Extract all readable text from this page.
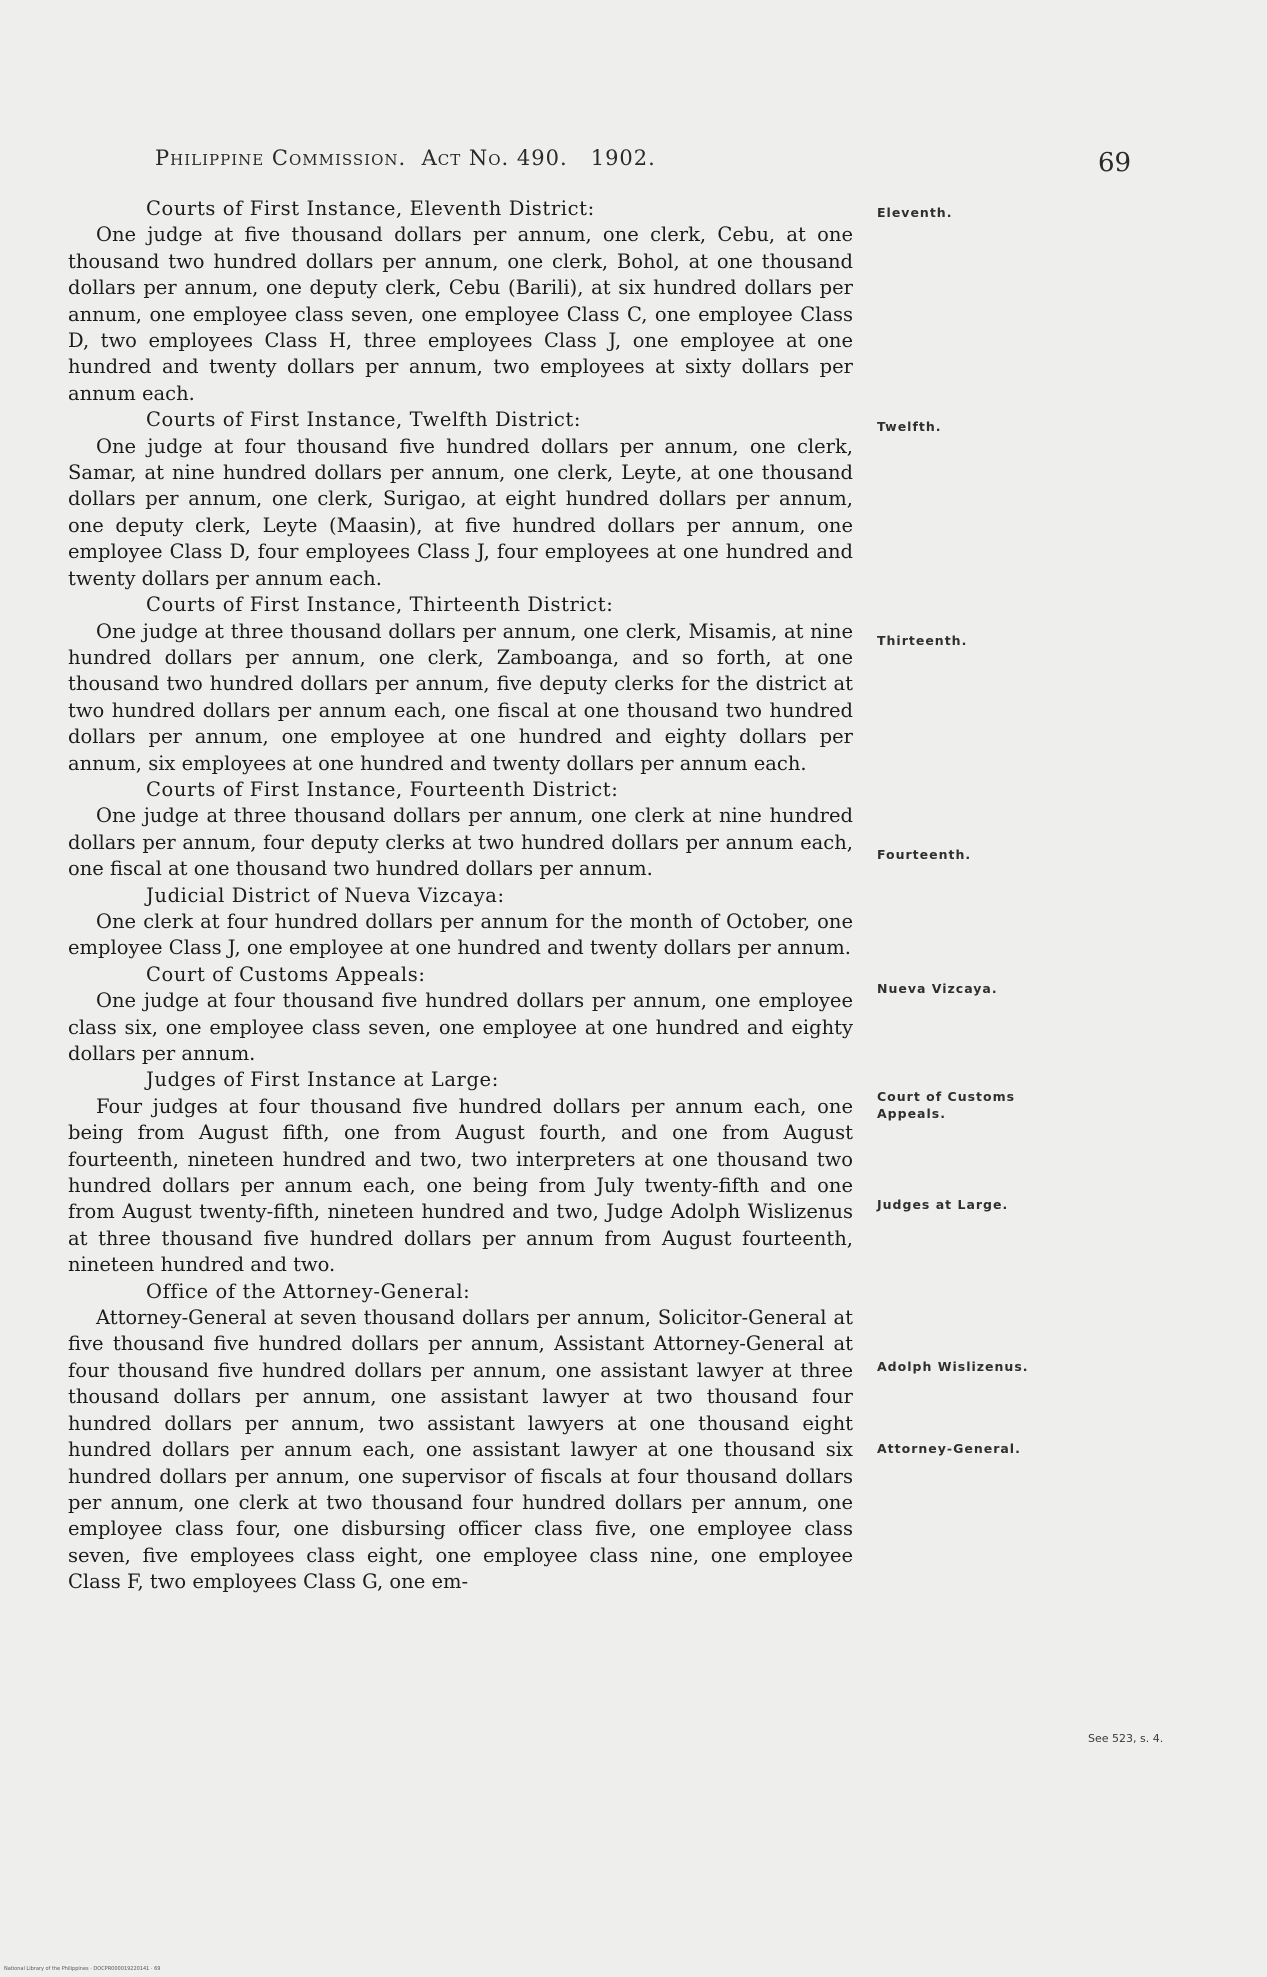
Philippine Commission. Act No. 490. 1902.	69

Courts of First Instance, Eleventh District:

One judge at five thousand dollars per annum, one clerk, Cebu, at one thousand two hundred dollars per annum, one clerk, Bohol, at one thousand dollars per annum, one deputy clerk, Cebu (Barili), at six hundred dollars per annum, one employee class seven, one employee Class C, one employee Class D, two employees Class H, three employees Class J, one employee at one hundred and twenty dollars per annum, two employees at sixty dollars per annum each.

Courts of First Instance, Twelfth District:

One judge at four thousand five hundred dollars per annum, one clerk, Samar, at nine hundred dollars per annum, one clerk, Leyte, at one thousand dollars per annum, one clerk, Surigao, at eight hundred dollars per annum, one deputy clerk, Leyte (Maasin), at five hundred dollars per annum, one employee Class D, four employees Class J, four employees at one hundred and twenty dollars per annum each.

Courts of First Instance, Thirteenth District:

One judge at three thousand dollars per annum, one clerk, Misamis, at nine hundred dollars per annum, one clerk, Zamboanga, and so forth, at one thousand two hundred dollars per annum, five deputy clerks for the district at two hundred dollars per annum each, one fiscal at one thousand two hundred dollars per annum, one employee at one hundred and eighty dollars per annum, six employees at one hundred and twenty dollars per annum each.

Courts of First Instance, Fourteenth District:

One judge at three thousand dollars per annum, one clerk at nine hundred dollars per annum, four deputy clerks at two hundred dollars per annum each, one fiscal at one thousand two hundred dollars per annum.

Judicial District of Nueva Vizcaya:

One clerk at four hundred dollars per annum for the month of October, one employee Class J, one employee at one hundred and twenty dollars per annum.

Court of Customs Appeals:

One judge at four thousand five hundred dollars per annum, one employee class six, one employee class seven, one employee at one hundred and eighty dollars per annum.

Judges of First Instance at Large:

Four judges at four thousand five hundred dollars per annum each, one being from August fifth, one from August fourth, and one from August fourteenth, nineteen hundred and two, two interpreters at one thousand two hundred dollars per annum each, one being from July twenty-fifth and one from August twenty-fifth, nineteen hundred and two, Judge Adolph Wislizenus at three thousand five hundred dollars per annum from August fourteenth, nineteen hundred and two.

Office of the Attorney-General:

Attorney-General at seven thousand dollars per annum, Solicitor-General at five thousand five hundred dollars per annum, Assistant Attorney-General at four thousand five hundred dollars per annum, one assistant lawyer at three thousand dollars per annum, one assistant lawyer at two thousand four hundred dollars per annum, two assistant lawyers at one thousand eight hundred dollars per annum each, one assistant lawyer at one thousand six hundred dollars per annum, one supervisor of fiscals at four thousand dollars per annum, one clerk at two thousand four hundred dollars per annum, one employee class four, one disbursing officer class five, one employee class seven, five employees class eight, one employee class nine, one employee Class F, two employees Class G, one em-

Eleventh.
Twelfth.
Thirteenth.
Fourteenth.
Nueva Vizcaya.
Court of Customs Appeals.
Judges at Large.
Adolph Wislizenus.
Attorney-General.
See 523, s. 4.
National Library of the Philippines · DOCPR000019220141 · 69
